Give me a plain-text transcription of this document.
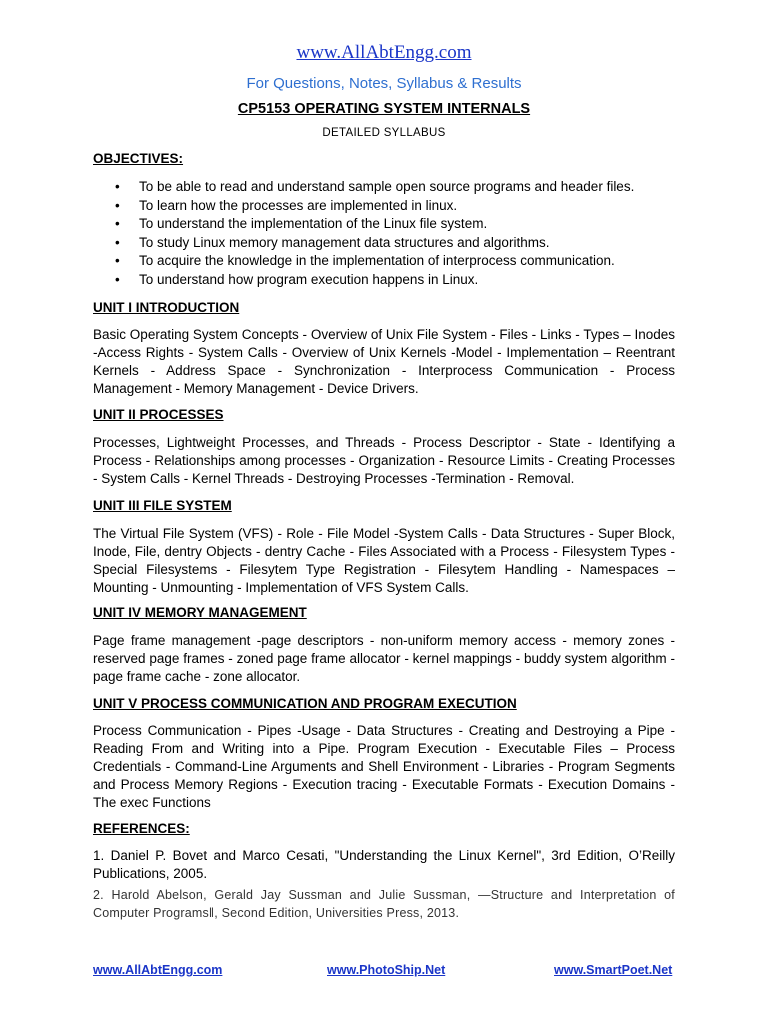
www.AllAbtEngg.com
For Questions, Notes, Syllabus & Results
CP5153 OPERATING SYSTEM INTERNALS
DETAILED SYLLABUS
OBJECTIVES:
• To be able to read and understand sample open source programs and header files.
• To learn how the processes are implemented in linux.
• To understand the implementation of the Linux file system.
• To study Linux memory management data structures and algorithms.
• To acquire the knowledge in the implementation of interprocess communication.
• To understand how program execution happens in Linux.
UNIT I INTRODUCTION

Basic Operating System Concepts - Overview of Unix File System - Files - Links - Types – Inodes -Access Rights - System Calls - Overview of Unix Kernels -Model - Implementation – Reentrant Kernels - Address Space - Synchronization - Interprocess Communication - Process Management - Memory Management - Device Drivers.

UNIT II PROCESSES

Processes, Lightweight Processes, and Threads - Process Descriptor - State - Identifying a Process - Relationships among processes - Organization - Resource Limits - Creating Processes - System Calls - Kernel Threads - Destroying Processes -Termination - Removal.

UNIT III FILE SYSTEM

The Virtual File System (VFS) - Role - File Model -System Calls - Data Structures - Super Block, Inode, File, dentry Objects - dentry Cache - Files Associated with a Process - Filesystem Types - Special Filesystems - Filesytem Type Registration - Filesytem Handling - Namespaces – Mounting - Unmounting - Implementation of VFS System Calls.

UNIT IV MEMORY MANAGEMENT

Page frame management -page descriptors - non-uniform memory access - memory zones - reserved page frames - zoned page frame allocator - kernel mappings - buddy system algorithm - page frame cache - zone allocator.

UNIT V PROCESS COMMUNICATION AND PROGRAM EXECUTION

Process Communication - Pipes -Usage - Data Structures - Creating and Destroying a Pipe - Reading From and Writing into a Pipe. Program Execution - Executable Files – Process Credentials - Command-Line Arguments and Shell Environment - Libraries - Program Segments and Process Memory Regions - Execution tracing - Executable Formats - Execution Domains - The exec Functions

REFERENCES:

1. Daniel P. Bovet and Marco Cesati, "Understanding the Linux Kernel", 3rd Edition, O’Reilly Publications, 2005.

2. Harold Abelson, Gerald Jay Sussman and Julie Sussman, ―Structure and Interpretation of Computer Programs‖, Second Edition, Universities Press, 2013.

www.AllAbtEngg.com	www.PhotoShip.Net	www.SmartPoet.Net
